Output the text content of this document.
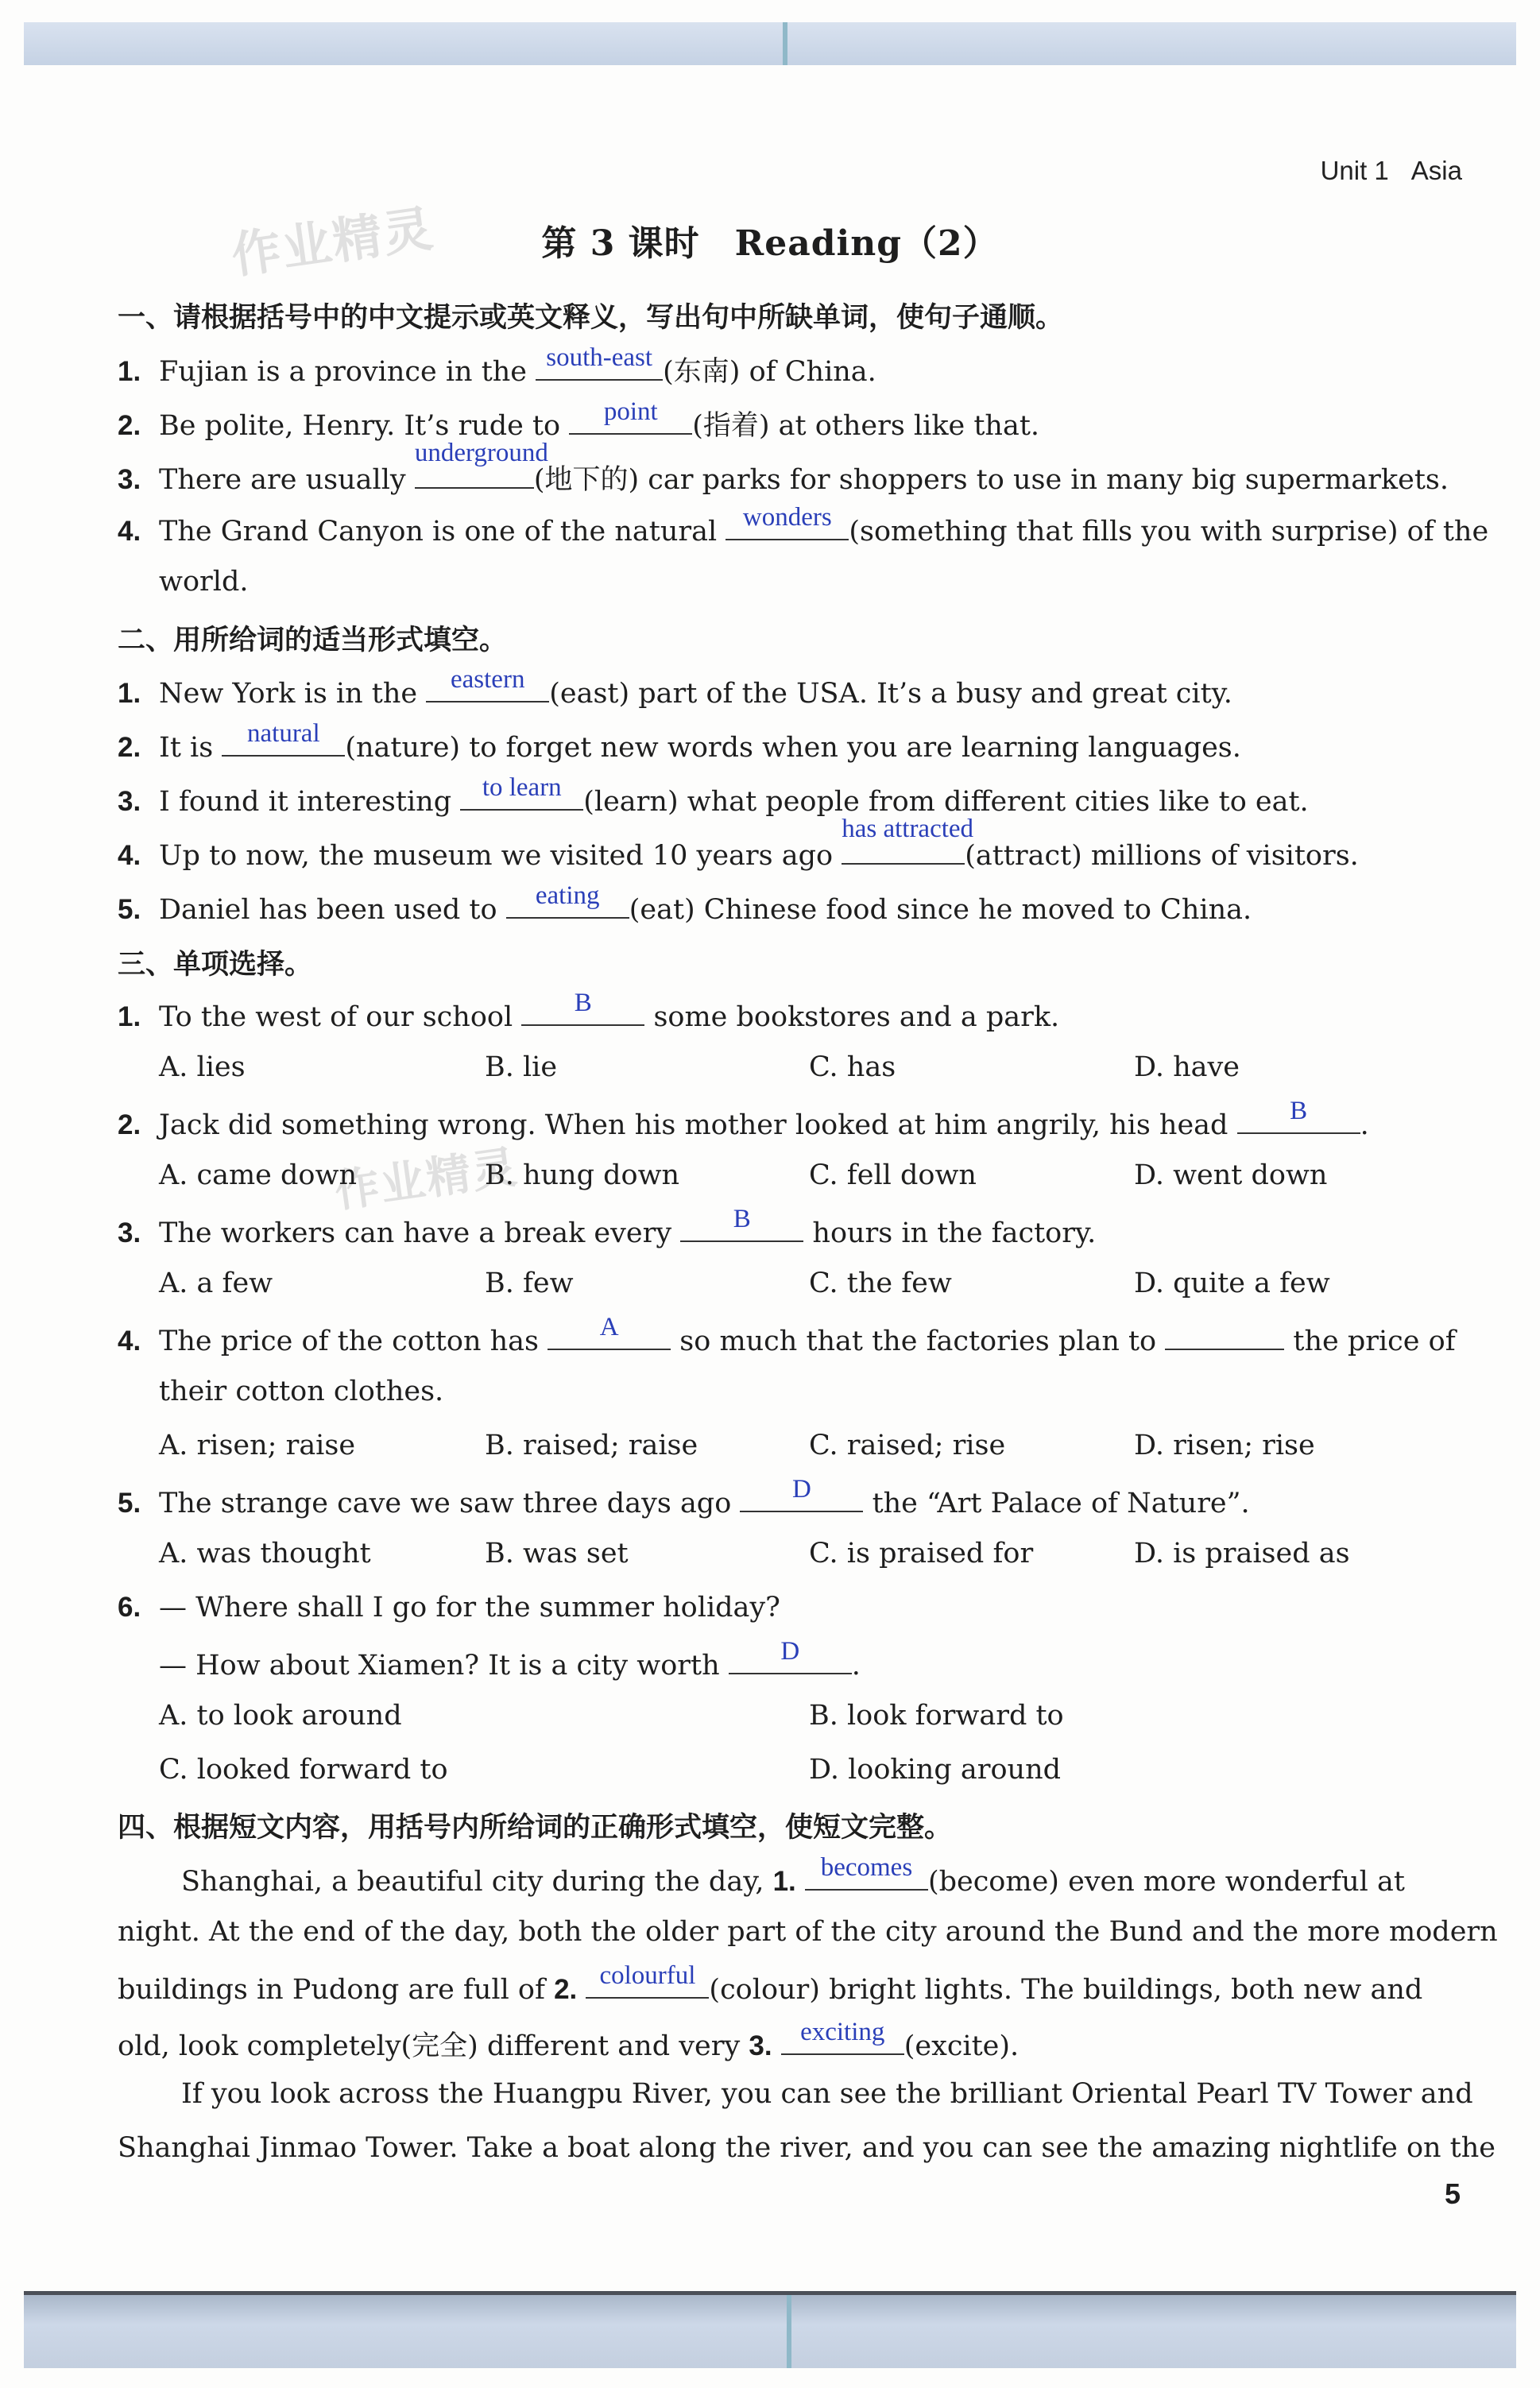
Unit 1 Asia
作业精灵
作业精灵
第 3 课时 Reading（2）
一、请根据括号中的中文提示或英文释义，写出句中所缺单词，使句子通顺。
1. Fujian is a province in the south-east (东南) of China.
2. Be polite, Henry. It’s rude to	point	(指着) at others like that.
3. There are usually
underground
(地下的) car parks for shoppers to use in many big supermarkets.
4. The Grand Canyon is one of the natural wonders (something that fills you with surprise) of the
world.
二、用所给词的适当形式填空。
1. New York is in the	eastern (east) part of the USA. It’s a busy and great city.
2. It is	natural (nature) to forget new words when you are learning languages.
3. I found it interesting	to learn (learn) what people from different cities like to eat.
4. Up to now, the museum we visited 10 years ago
has attracted
(attract) millions of visitors.
5. Daniel has been used to	eating	(eat) Chinese food since he moved to China.
三、单项选择。
1. To the west of our school	B	some bookstores and a park.
A. lies	B. lie	C. has	D. have
2. Jack did something wrong. When his mother looked at him angrily, his head	B	.
A. came down	B. hung down	C. fell down	D. went down
3. The workers can have a break every	B	hours in the factory.
A. a few	B. few	C. the few	D. quite a few
4. The price of the cotton has	A	so much that the factories plan to	the price of
their cotton clothes.
A. risen; raise	B. raised; raise	C. raised; rise	D. risen; rise
5. The strange cave we saw three days ago	D	the “Art Palace of Nature”.
A. was thought	B. was set	C. is praised for	D. is praised as
6. — Where shall I go for the summer holiday?
— How about Xiamen? It is a city worth	D	.
A. to look around	B. look forward to
C. looked forward to	D. looking around
四、根据短文内容，用括号内所给词的正确形式填空，使短文完整。
Shanghai, a beautiful city during the day, 1. becomes (become) even more wonderful at
night. At the end of the day, both the older part of the city around the Bund and the more modern
buildings in Pudong are full of 2. colourful (colour) bright lights. The buildings, both new and
old, look completely(完全) different and very 3.	exciting (excite).
If you look across the Huangpu River, you can see the brilliant Oriental Pearl TV Tower and
Shanghai Jinmao Tower. Take a boat along the river, and you can see the amazing nightlife on the
5
